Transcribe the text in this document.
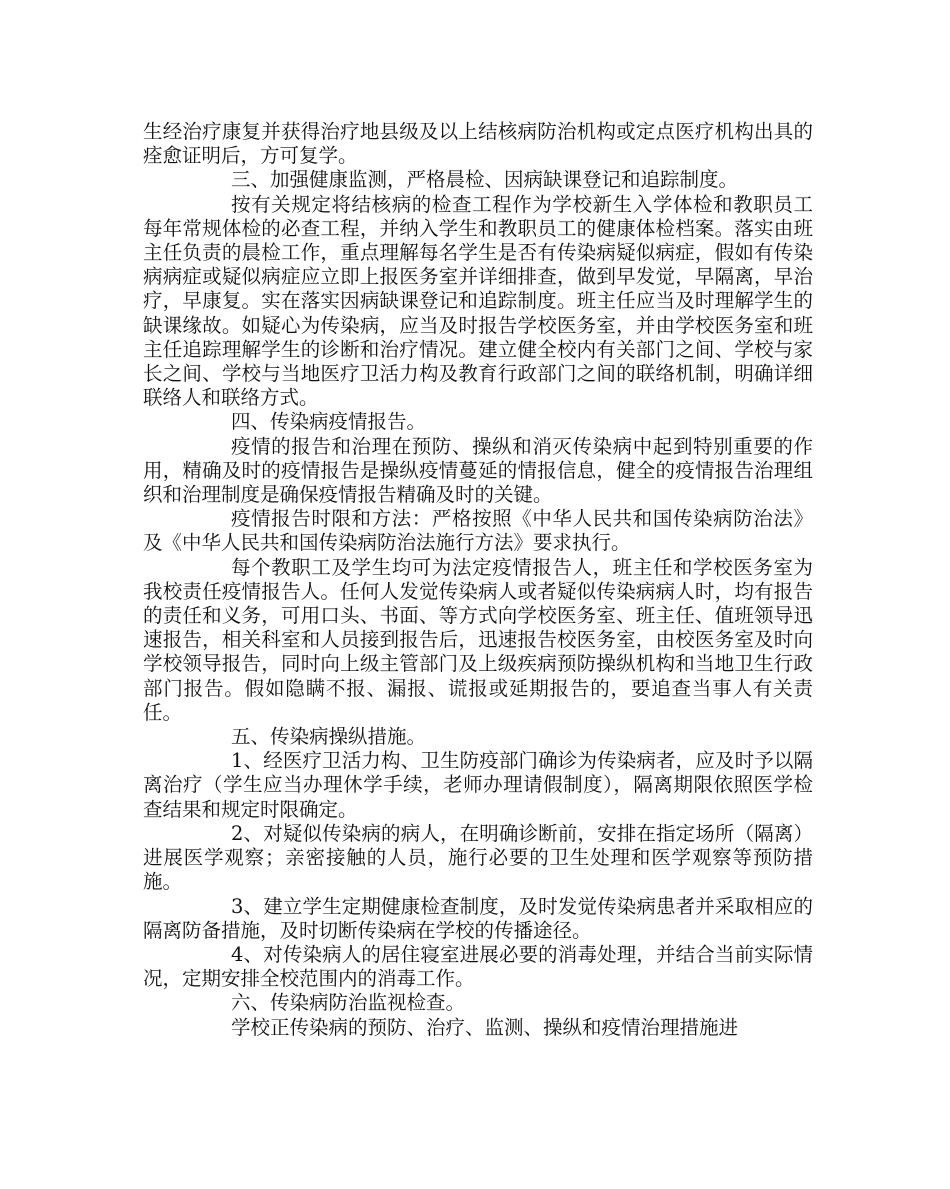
生经治疗康复并获得治疗地县级及以上结核病防治机构或定点医疗机构出具的痊愈证明后，方可复学。

三、加强健康监测，严格晨检、因病缺课登记和追踪制度。

按有关规定将结核病的检查工程作为学校新生入学体检和教职员工每年常规体检的必查工程，并纳入学生和教职员工的健康体检档案。落实由班主任负责的晨检工作，重点理解每名学生是否有传染病疑似病症，假如有传染病病症或疑似病症应立即上报医务室并详细排查，做到早发觉，早隔离，早治疗，早康复。实在落实因病缺课登记和追踪制度。班主任应当及时理解学生的缺课缘故。如疑心为传染病，应当及时报告学校医务室，并由学校医务室和班主任追踪理解学生的诊断和治疗情况。建立健全校内有关部门之间、学校与家长之间、学校与当地医疗卫活力构及教育行政部门之间的联络机制，明确详细联络人和联络方式。

四、传染病疫情报告。

疫情的报告和治理在预防、操纵和消灭传染病中起到特别重要的作用，精确及时的疫情报告是操纵疫情蔓延的情报信息，健全的疫情报告治理组织和治理制度是确保疫情报告精确及时的关键。

疫情报告时限和方法：严格按照《中华人民共和国传染病防治法》及《中华人民共和国传染病防治法施行方法》要求执行。

每个教职工及学生均可为法定疫情报告人，班主任和学校医务室为我校责任疫情报告人。任何人发觉传染病人或者疑似传染病病人时，均有报告的责任和义务，可用口头、书面、等方式向学校医务室、班主任、值班领导迅速报告，相关科室和人员接到报告后，迅速报告校医务室，由校医务室及时向学校领导报告，同时向上级主管部门及上级疾病预防操纵机构和当地卫生行政部门报告。假如隐瞒不报、漏报、谎报或延期报告的，要追查当事人有关责任。

五、传染病操纵措施。

1、经医疗卫活力构、卫生防疫部门确诊为传染病者，应及时予以隔离治疗（学生应当办理休学手续，老师办理请假制度），隔离期限依照医学检查结果和规定时限确定。

2、对疑似传染病的病人，在明确诊断前，安排在指定场所（隔离）进展医学观察；亲密接触的人员，施行必要的卫生处理和医学观察等预防措施。

3、建立学生定期健康检查制度，及时发觉传染病患者并采取相应的隔离防备措施，及时切断传染病在学校的传播途径。

4、对传染病人的居住寝室进展必要的消毒处理，并结合当前实际情况，定期安排全校范围内的消毒工作。

六、传染病防治监视检查。

学校正传染病的预防、治疗、监测、操纵和疫情治理措施进
